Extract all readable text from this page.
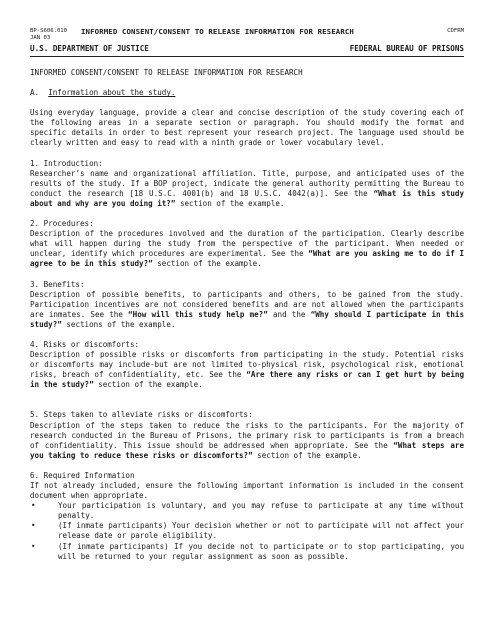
BP-S606.010
JAN 03
INFORMED CONSENT/CONSENT TO RELEASE INFORMATION FOR RESEARCH	CDFRM
U.S. DEPARTMENT OF JUSTICE	FEDERAL BUREAU OF PRISONS

INFORMED CONSENT/CONSENT TO RELEASE INFORMATION FOR RESEARCH

A. Information about the study.

Using everyday language, provide a clear and concise description of the study covering each of the following areas in a separate section or paragraph. You should modify the format and specific details in order to best represent your research project. The language used should be clearly written and easy to read with a ninth grade or lower vocabulary level.

1. Introduction:

Researcher’s name and organizational affiliation. Title, purpose, and anticipated uses of the results of the study. If a BOP project, indicate the general authority permitting the Bureau to conduct the research [18 U.S.C. 4001(b) and 18 U.S.C. 4042(a)]. See the “What is this study about and why are you doing it?” section of the example.

2. Procedures:

Description of the procedures involved and the duration of the participation. Clearly describe what will happen during the study from the perspective of the participant. When needed or unclear, identify which procedures are experimental. See the “What are you asking me to do if I agree to be in this study?” section of the example.

3. Benefits:

Description of possible benefits, to participants and others, to be gained from the study. Participation incentives are not considered benefits and are not allowed when the participants are inmates. See the “How will this study help me?” and the “Why should I participate in this study?” sections of the example.

4. Risks or discomforts:

Description of possible risks or discomforts from participating in the study. Potential risks or discomforts may include-but are not limited to-physical risk, psychological risk, emotional risks, breach of confidentiality, etc. See the “Are there any risks or can I get hurt by being in the study?” section of the example.

5. Steps taken to alleviate risks or discomforts:

Description of the steps taken to reduce the risks to the participants. For the majority of research conducted in the Bureau of Prisons, the primary risk to participants is from a breach of confidentiality. This issue should be addressed when appropriate. See the “What steps are you taking to reduce these risks or discomforts?” section of the example.

6. Required Information

If not already included, ensure the following important information is included in the consent document when appropriate.

•	Your participation is voluntary, and you may refuse to participate at any time without penalty.
•	(If inmate participants) Your decision whether or not to participate will not affect your release date or parole eligibility.
•	(If inmate participants) If you decide not to participate or to stop participating, you will be returned to your regular assignment as soon as possible.
